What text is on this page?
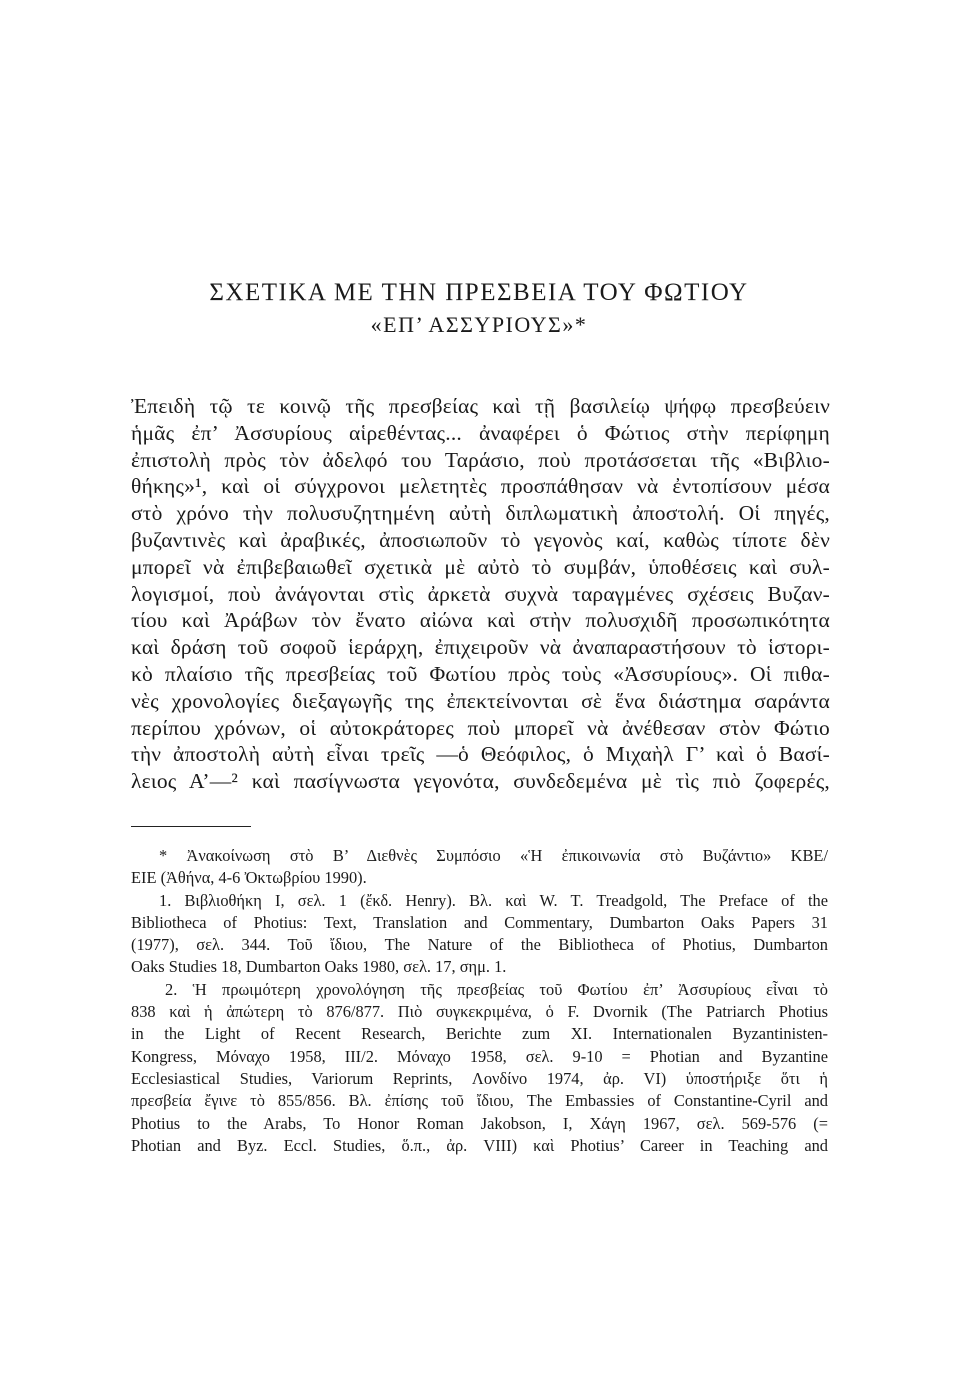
ΣΧΕΤΙΚΑ ΜΕ ΤΗΝ ΠΡΕΣΒΕΙΑ ΤΟΥ ΦΩΤΙΟΥ
«ΕΠ’ ΑΣΣΥΡΙΟΥΣ»*
Ἐπειδὴ τῷ τε κοινῷ τῆς πρεσβείας καὶ τῇ βασιλείῳ ψήφῳ πρεσβεύειν
ἡμᾶς ἐπ’ Ἀσσυρίους αἱρεθέντας... ἀναφέρει ὁ Φώτιος στὴν περίφημη
ἐπιστολὴ πρὸς τὸν ἀδελφό του Ταράσιο, ποὺ προτάσσεται τῆς «Βιβλιο-
θήκης»¹, καὶ οἱ σύγχρονοι μελετητὲς προσπάθησαν νὰ ἐντοπίσουν μέσα
στὸ χρόνο τὴν πολυσυζητημένη αὐτὴ διπλωματικὴ ἀποστολή. Οἱ πηγές,
βυζαντινὲς καὶ ἀραβικές, ἀποσιωποῦν τὸ γεγονὸς καί, καθὼς τίποτε δὲν
μπορεῖ νὰ ἐπιβεβαιωθεῖ σχετικὰ μὲ αὐτὸ τὸ συμβάν, ὑποθέσεις καὶ συλ-
λογισμοί, ποὺ ἀνάγονται στὶς ἀρκετὰ συχνὰ ταραγμένες σχέσεις Βυζαν-
τίου καὶ Ἀράβων τὸν ἔνατο αἰώνα καὶ στὴν πολυσχιδῆ προσωπικότητα
καὶ δράση τοῦ σοφοῦ ἱεράρχη, ἐπιχειροῦν νὰ ἀναπαραστήσουν τὸ ἱστορι-
κὸ πλαίσιο τῆς πρεσβείας τοῦ Φωτίου πρὸς τοὺς «Ἀσσυρίους». Οἱ πιθα-
νὲς χρονολογίες διεξαγωγῆς της ἐπεκτείνονται σὲ ἕνα διάστημα σαράντα
περίπου χρόνων, οἱ αὐτοκράτορες ποὺ μπορεῖ νὰ ἀνέθεσαν στὸν Φώτιο
τὴν ἀποστολὴ αὐτὴ εἶναι τρεῖς —ὁ Θεόφιλος, ὁ Μιχαὴλ Γ’ καὶ ὁ Βασί-
λειος Α’—² καὶ πασίγνωστα γεγονότα, συνδεδεμένα μὲ τὶς πιὸ ζοφερές,
* Ἀνακοίνωση στὸ Β’ Διεθνὲς Συμπόσιο «Ἡ ἐπικοινωνία στὸ Βυζάντιο» ΚΒΕ/
ΕΙΕ (Ἀθήνα, 4-6 Ὀκτωβρίου 1990).
1. Βιβλιοθήκη Ι, σελ. 1 (ἔκδ. Henry). Βλ. καὶ W. T. Treadgold, The Preface of the
Bibliotheca of Photius: Text, Translation and Commentary, Dumbarton Oaks Papers 31
(1977), σελ. 344. Τοῦ ἴδιου, The Nature of the Bibliotheca of Photius, Dumbarton
Oaks Studies 18, Dumbarton Oaks 1980, σελ. 17, σημ. 1.
2. Ἡ πρωιμότερη χρονολόγηση τῆς πρεσβείας τοῦ Φωτίου ἐπ’ Ἀσσυρίους εἶναι τὸ
838 καὶ ἡ ἀπώτερη τὸ 876/877. Πιὸ συγκεκριμένα, ὁ F. Dvornik (The Patriarch Photius
in the Light of Recent Research, Berichte zum XI. Internationalen Byzantinisten-
Kongress, Μόναχο 1958, III/2. Μόναχο 1958, σελ. 9-10 = Photian and Byzantine
Ecclesiastical Studies, Variorum Reprints, Λονδίνο 1974, ἀρ. VI) ὑποστήριξε ὅτι ἡ
πρεσβεία ἔγινε τὸ 855/856. Βλ. ἐπίσης τοῦ ἴδιου, The Embassies of Constantine-Cyril and
Photius to the Arabs, To Honor Roman Jakobson, I, Χάγη 1967, σελ. 569-576 (=
Photian and Byz. Eccl. Studies, ὅ.π., ἀρ. VIII) καὶ Photius’ Career in Teaching and
